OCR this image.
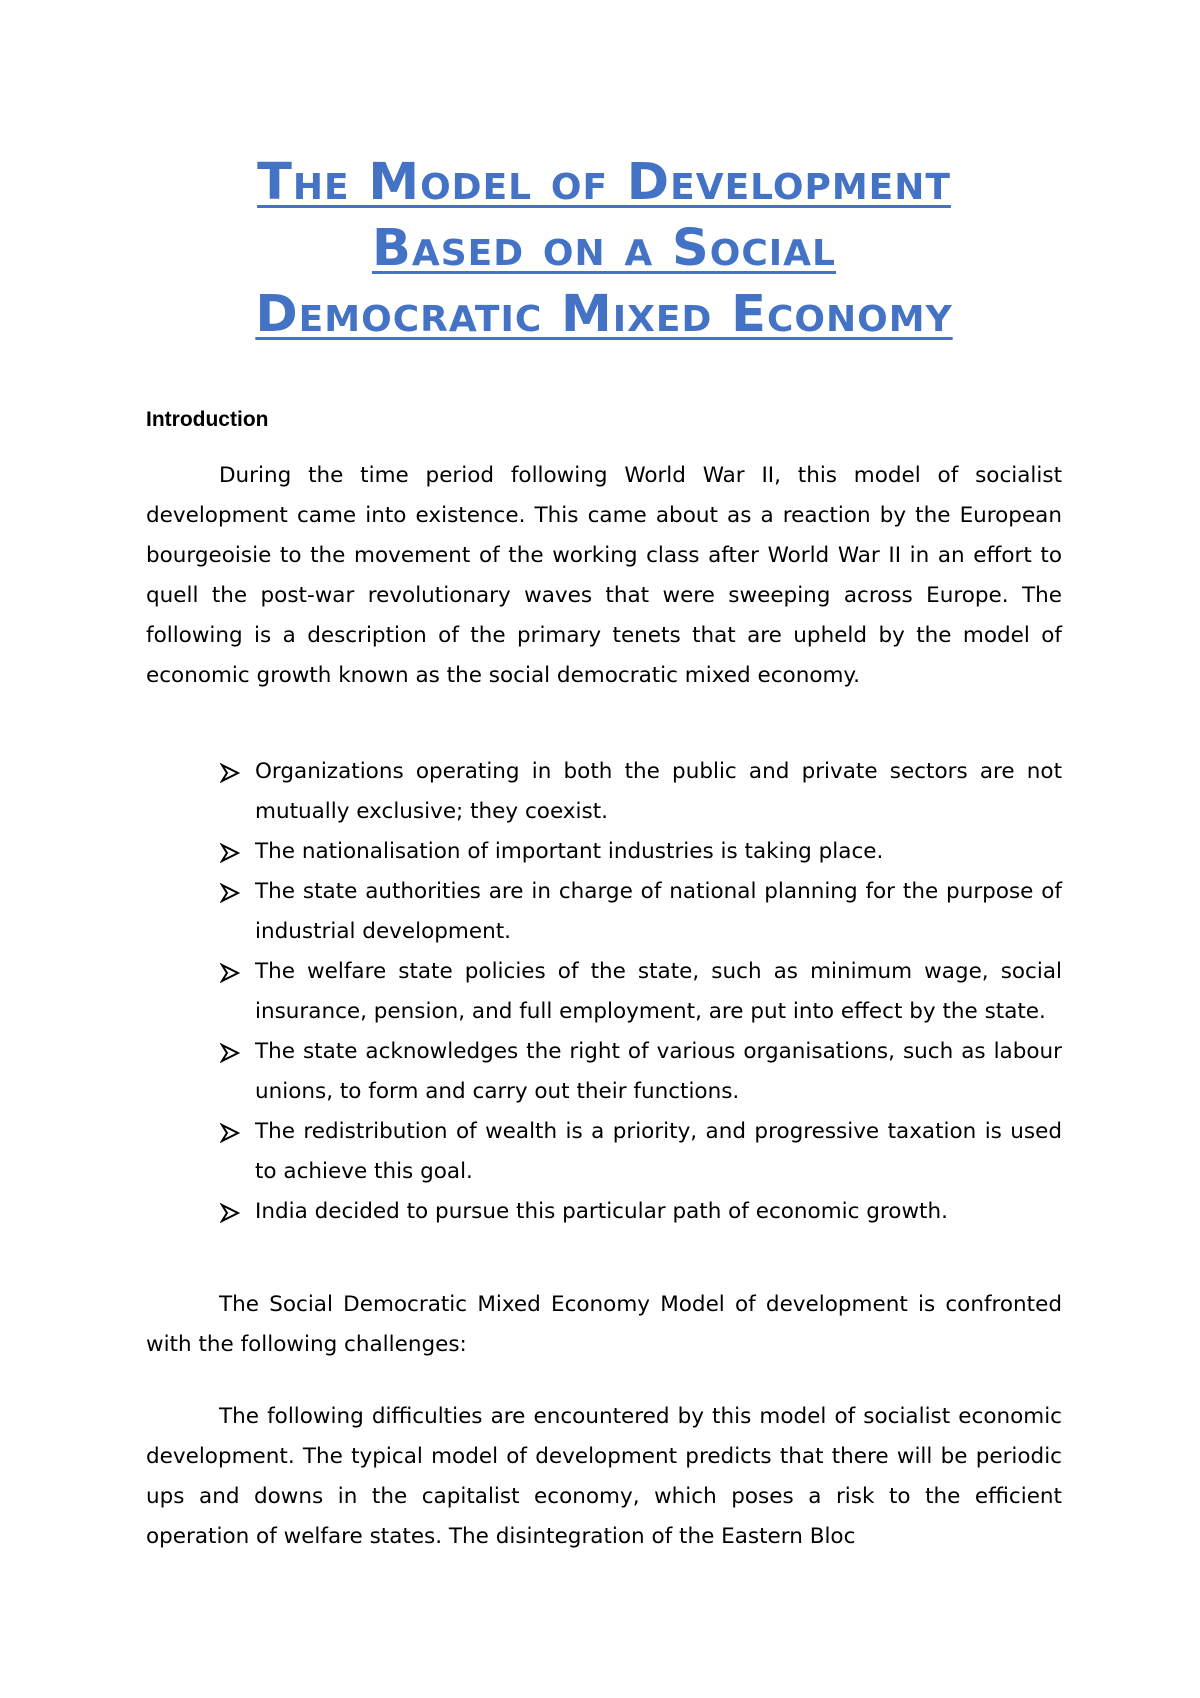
The Model of Development
Based on a Social
Democratic Mixed Economy
Introduction

During the time period following World War II, this model of socialist development came into existence. This came about as a reaction by the European bourgeoisie to the movement of the working class after World War II in an effort to quell the post-war revolutionary waves that were sweeping across Europe. The following is a description of the primary tenets that are upheld by the model of economic growth known as the social democratic mixed economy.

Organizations operating in both the public and private sectors are not mutually exclusive; they coexist.
The nationalisation of important industries is taking place.
The state authorities are in charge of national planning for the purpose of industrial development.
The welfare state policies of the state, such as minimum wage, social insurance, pension, and full employment, are put into effect by the state.
The state acknowledges the right of various organisations, such as labour unions, to form and carry out their functions.
The redistribution of wealth is a priority, and progressive taxation is used to achieve this goal.
India decided to pursue this particular path of economic growth.

The Social Democratic Mixed Economy Model of development is confronted with the following challenges:

The following difficulties are encountered by this model of socialist economic development. The typical model of development predicts that there will be periodic ups and downs in the capitalist economy, which poses a risk to the efficient operation of welfare states. The disintegration of the Eastern Bloc
